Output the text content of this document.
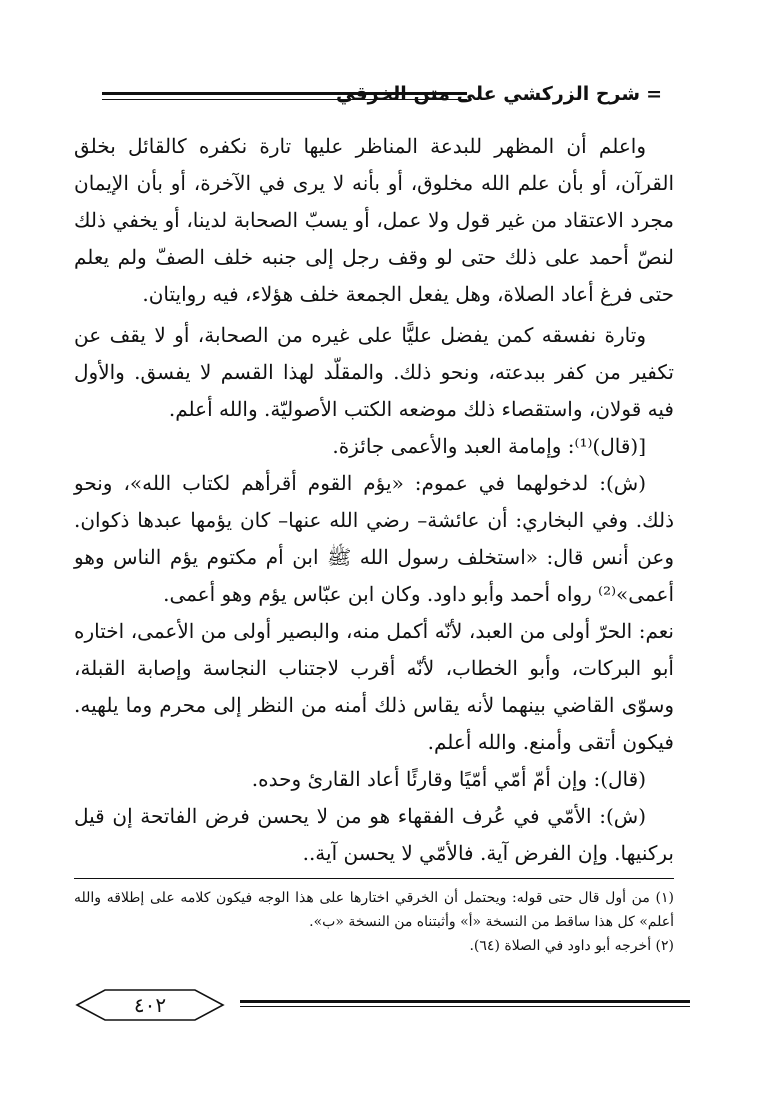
=شرح الزركشي على متن الخرقي

واعلم أن المظهر للبدعة المناظر عليها تارة نكفره كالقائل بخلق القرآن، أو بأن علم الله مخلوق، أو بأنه لا يرى في الآخرة، أو بأن الإيمان مجرد الاعتقاد من غير قول ولا عمل، أو يسبّ الصحابة لدينا، أو يخفي ذلك لنصّ أحمد على ذلك حتى لو وقف رجل إلى جنبه خلف الصفّ ولم يعلم حتى فرغ أعاد الصلاة، وهل يفعل الجمعة خلف هؤلاء، فيه روايتان.

وتارة نفسقه كمن يفضل عليًّا على غيره من الصحابة، أو لا يقف عن تكفير من كفر ببدعته، ونحو ذلك. والمقلّد لهذا القسم لا يفسق. والأول فيه قولان، واستقصاء ذلك موضعه الكتب الأصوليّة. والله أعلم.

[(قال)⁽¹⁾: وإمامة العبد والأعمى جائزة.

(ش): لدخولهما في عموم: «يؤم القوم أقرأهم لكتاب الله»، ونحو ذلك. وفي البخاري: أن عائشة– رضي الله عنها– كان يؤمها عبدها ذكوان. وعن أنس قال: «استخلف رسول الله ﷺ ابن أم مكتوم يؤم الناس وهو أعمى»⁽²⁾ رواه أحمد وأبو داود. وكان ابن عبّاس يؤم وهو أعمى.

نعم: الحرّ أولى من العبد، لأنّه أكمل منه، والبصير أولى من الأعمى، اختاره أبو البركات، وأبو الخطاب، لأنّه أقرب لاجتناب النجاسة وإصابة القبلة، وسوّى القاضي بينهما لأنه يقاس ذلك أمنه من النظر إلى محرم وما يلهيه. فيكون أتقى وأمنع. والله أعلم.

(قال): وإن أمّ أمّي أمّيًا وقارئًا أعاد القارئ وحده.

(ش): الأمّي في عُرف الفقهاء هو من لا يحسن فرض الفاتحة إن قيل بركنيها. وإن الفرض آية. فالأمّي لا يحسن آية..

(١) من أول قال حتى قوله: ويحتمل أن الخرقي اختارها على هذا الوجه فيكون كلامه على إطلاقه والله أعلم» كل هذا ساقط من النسخة «أ» وأثبتناه من النسخة «ب».

(٢) أخرجه أبو داود في الصلاة (٦٤).

٤٠٢
